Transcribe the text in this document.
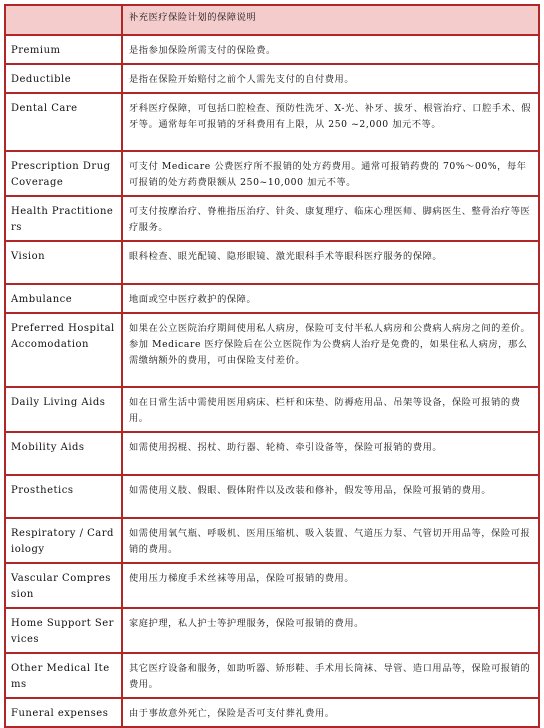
	补充医疗保险计划的保障说明
Premium	是指参加保险所需支付的保险费。
Deductible	是指在保险开始赔付之前个人需先支付的自付费用。
Dental Care	牙科医疗保障，可包括口腔检查、预防性洗牙、X-光、补牙、拔牙、根管治疗、口腔手术、假牙等。通常每年可报销的牙科费用有上限，从 250 ~2,000 加元不等。
Prescription Drug Coverage	可支付 Medicare 公费医疗所不报销的处方药费用。通常可报销药费的 70%～00%，每年可报销的处方药费限额从 250~10,000 加元不等。
Health Practitioners	可支付按摩治疗、脊椎指压治疗、针灸、康复理疗、临床心理医师、脚病医生、整骨治疗等医疗服务。
Vision	眼科检查、眼光配镜、隐形眼镜、激光眼科手术等眼科医疗服务的保障。
Ambulance	地面或空中医疗救护的保障。
Preferred Hospital Accomodation	如果在公立医院治疗期间使用私人病房，保险可支付半私人病房和公费病人病房之间的差价。参加 Medicare 医疗保险后在公立医院作为公费病人治疗是免费的，如果住私人病房，那么需缴纳额外的费用，可由保险支付差价。
Daily Living Aids	如在日常生活中需使用医用病床、栏杆和床垫、防褥疮用品、吊架等设备，保险可报销的费用。
Mobility Aids	如需使用拐棍、拐杖、助行器、轮椅、牵引设备等，保险可报销的费用。
Prosthetics	如需使用义肢、假眼、假体附件以及改装和修补，假发等用品，保险可报销的费用。
Respiratory / Cardiology	如需使用氧气瓶、呼吸机、医用压缩机、吸入装置、气道压力泵、气管切开用品等，保险可报销的费用。
Vascular Compression	使用压力梯度手术丝袜等用品，保险可报销的费用。
Home Support Services	家庭护理，私人护士等护理服务，保险可报销的费用。
Other Medical Items	其它医疗设备和服务，如助听器、矫形鞋、手术用长筒袜、导管、造口用品等，保险可报销的费用。
Funeral expenses	由于事故意外死亡，保险是否可支付葬礼费用。
